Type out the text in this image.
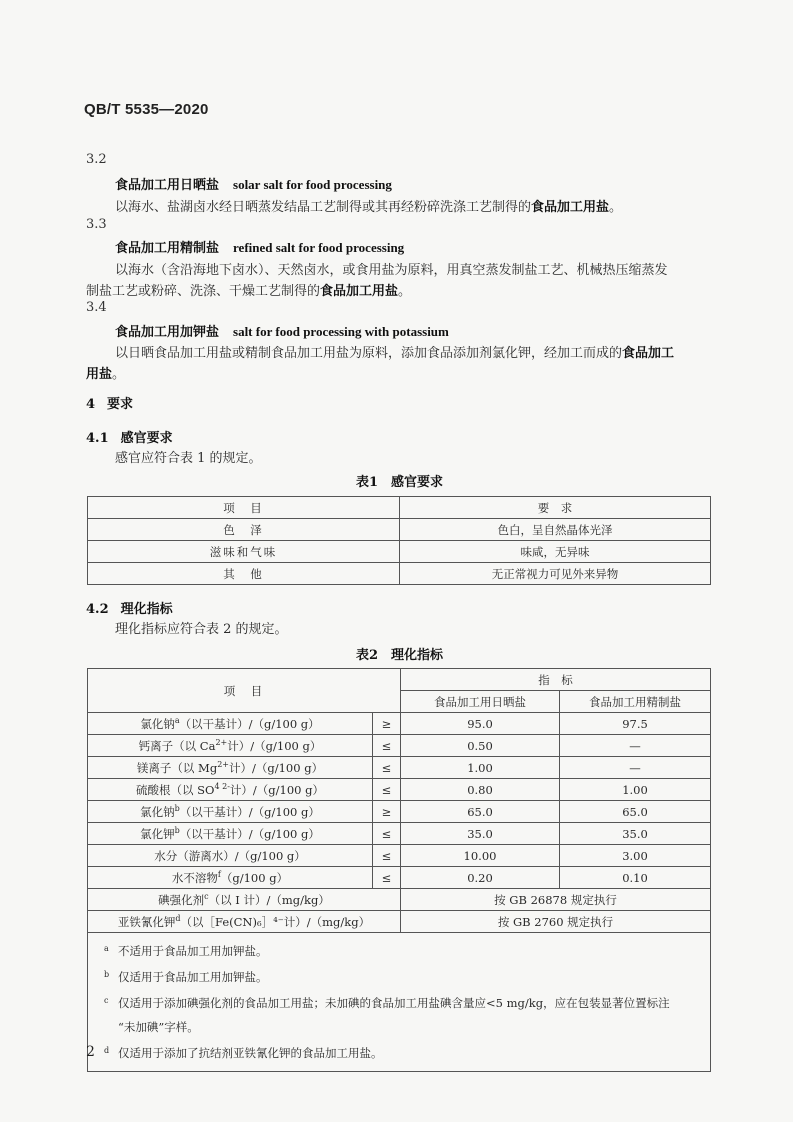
QB/T 5535—2020
3.2
食品加工用日晒盐 solar salt for food processing
以海水、盐湖卤水经日晒蒸发结晶工艺制得或其再经粉碎洗涤工艺制得的食品加工用盐。
3.3
食品加工用精制盐 refined salt for food processing
以海水（含沿海地下卤水）、天然卤水，或食用盐为原料，用真空蒸发制盐工艺、机械热压缩蒸发
制盐工艺或粉碎、洗涤、干燥工艺制得的食品加工用盐。
3.4
食品加工用加钾盐 salt for food processing with potassium
以日晒食品加工用盐或精制食品加工用盐为原料，添加食品添加剂氯化钾，经加工而成的食品加工
用盐。
4 要求
4.1 感官要求
感官应符合表 1 的规定。
表1　感官要求
项　目	要　求
色　泽	色白，呈自然晶体光泽
滋味和气味	味咸，无异味
其　他	无正常视力可见外来异物
4.2 理化指标
理化指标应符合表 2 的规定。
表2　理化指标
项　目		指　标	
		食品加工用日晒盐	食品加工用精制盐
氯化钠$^a$（以干基计）/（g/100 g）	≥	95.0	97.5
钙离子（以 $Ca^{2+}$计）/（g/100 g）	≤	0.50	—
镁离子（以 $Mg^{2+}$计）/（g/100 g）	≤	1.00	—
硫酸根（以 $SO^{4 2-}$计）/（g/100 g）	≤	0.80	1.00
氯化钠$^b$（以干基计）/（g/100 g）	≥	65.0	65.0
氯化钾$^b$（以干基计）/（g/100 g）	≤	35.0	35.0
水分（游离水）/（g/100 g）	≤	10.00	3.00
水不溶物$^f$（g/100 g）	≤	0.20	0.10
碘强化剂$^c$（以 I 计）/（mg/kg）		按 GB 26878 规定执行	
亚铁氰化钾$^d$（以［Fe(CN)₆］⁴⁻计）/（mg/kg）		按 GB 2760 规定执行	

a 不适用于食品加工用加钾盐。
b 仅适用于食品加工用加钾盐。
c 仅适用于添加碘强化剂的食品加工用盐；未加碘的食品加工用盐碘含量应<5 mg/kg，应在包装显著位置标注
“未加碘”字样。
d 仅适用于添加了抗结剂亚铁氰化钾的食品加工用盐。			
2
